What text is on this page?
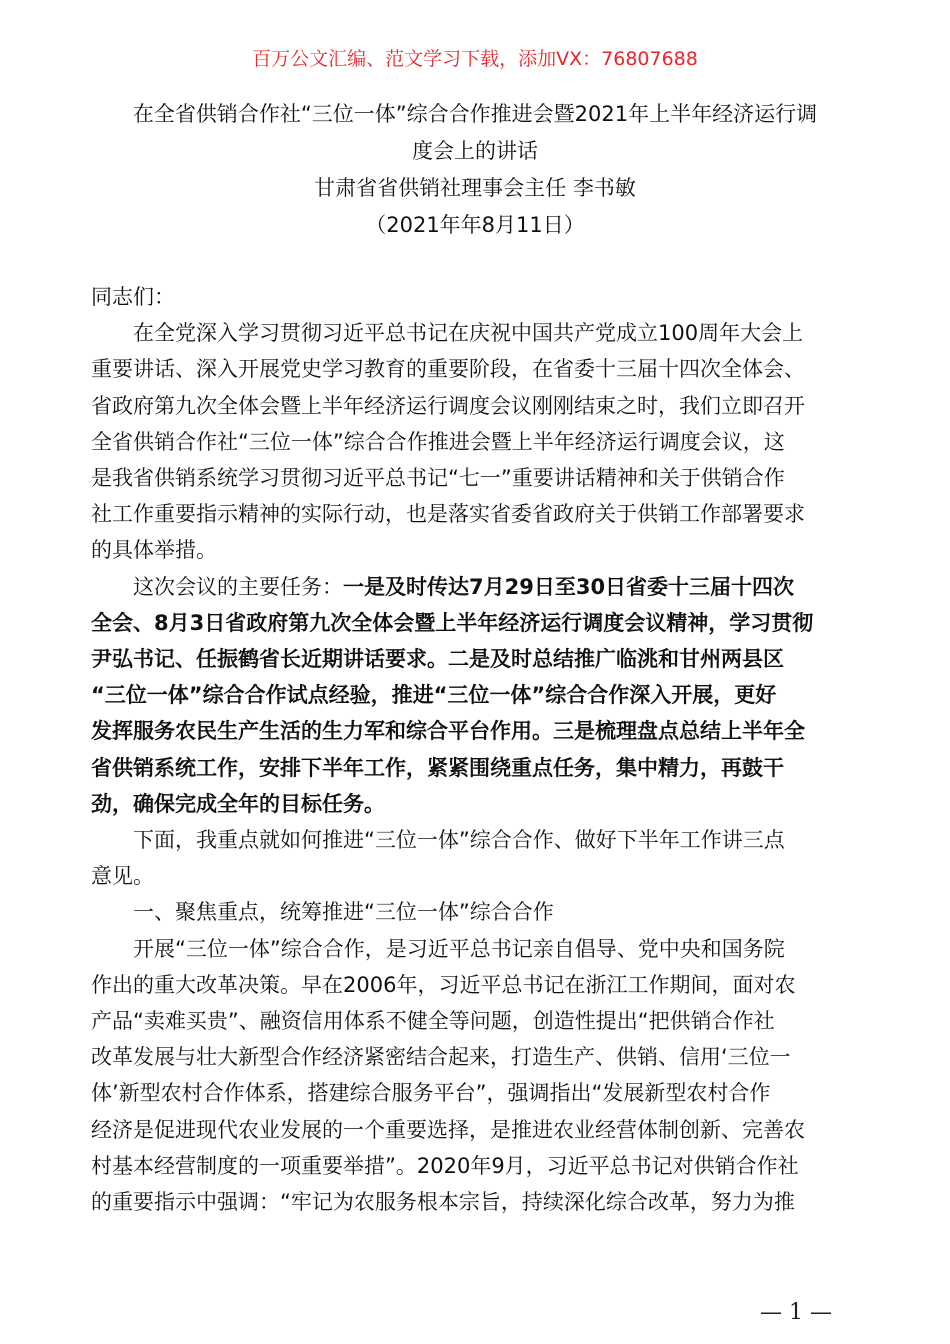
百万公文汇编、范文学习下载，添加VX：76807688
在全省供销合作社“三位一体”综合合作推进会暨2021年上半年经济运行调
度会上的讲话
甘肃省省供销社理事会主任 李书敏
（2021年年8月11日）

同志们：

在全党深入学习贯彻习近平总书记在庆祝中国共产党成立100周年大会上
重要讲话、深入开展党史学习教育的重要阶段，在省委十三届十四次全体会、
省政府第九次全体会暨上半年经济运行调度会议刚刚结束之时，我们立即召开
全省供销合作社“三位一体”综合合作推进会暨上半年经济运行调度会议，这
是我省供销系统学习贯彻习近平总书记“七一”重要讲话精神和关于供销合作
社工作重要指示精神的实际行动，也是落实省委省政府关于供销工作部署要求
的具体举措。

这次会议的主要任务：一是及时传达7月29日至30日省委十三届十四次
全会、8月3日省政府第九次全体会暨上半年经济运行调度会议精神，学习贯彻
尹弘书记、任振鹤省长近期讲话要求。二是及时总结推广临洮和甘州两县区
“三位一体”综合合作试点经验，推进“三位一体”综合合作深入开展，更好
发挥服务农民生产生活的生力军和综合平台作用。三是梳理盘点总结上半年全
省供销系统工作，安排下半年工作，紧紧围绕重点任务，集中精力，再鼓干
劲，确保完成全年的目标任务。

下面，我重点就如何推进“三位一体”综合合作、做好下半年工作讲三点
意见。

一、聚焦重点，统筹推进“三位一体”综合合作

开展“三位一体”综合合作，是习近平总书记亲自倡导、党中央和国务院
作出的重大改革决策。早在2006年，习近平总书记在浙江工作期间，面对农
产品“卖难买贵”、融资信用体系不健全等问题，创造性提出“把供销合作社
改革发展与壮大新型合作经济紧密结合起来，打造生产、供销、信用‘三位一
体’新型农村合作体系，搭建综合服务平台”，强调指出“发展新型农村合作
经济是促进现代农业发展的一个重要选择，是推进农业经营体制创新、完善农
村基本经营制度的一项重要举措”。2020年9月，习近平总书记对供销合作社
的重要指示中强调：“牢记为农服务根本宗旨，持续深化综合改革，努力为推

— 1 —
